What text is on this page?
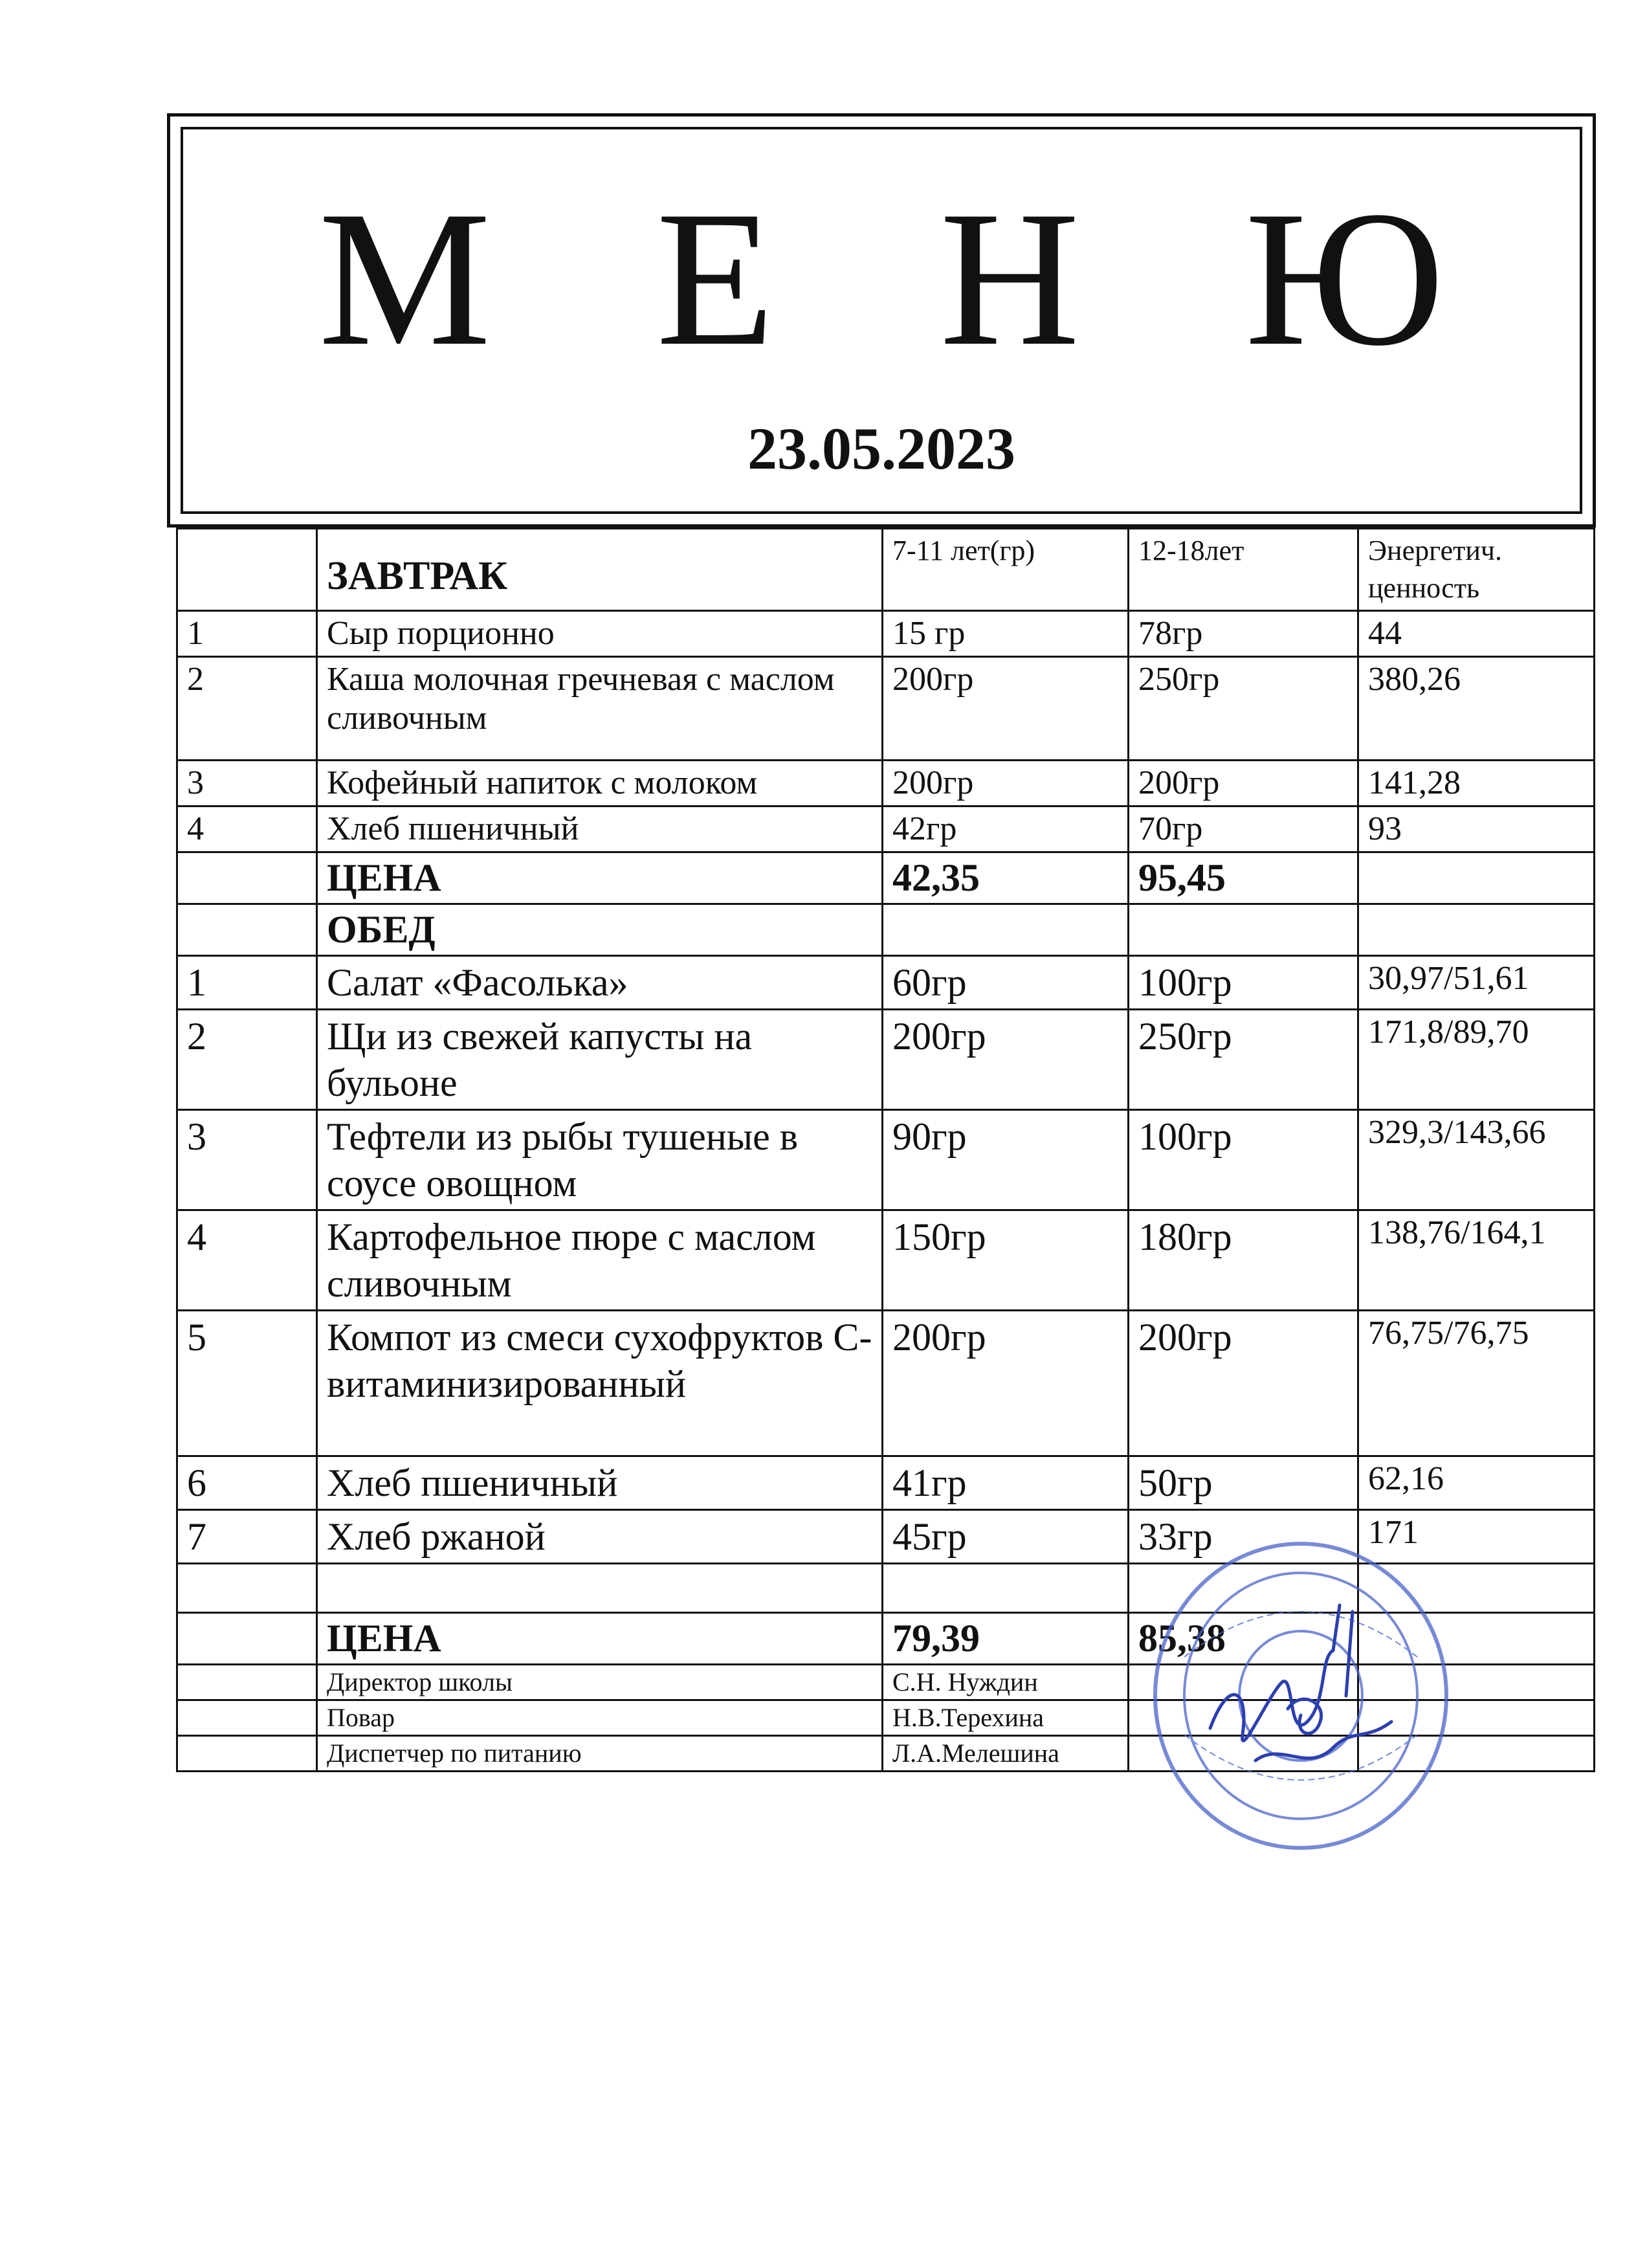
М Е Н Ю
23.05.2023
	ЗАВТРАК	7-11 лет(гр)	12-18лет	Энергетич. ценность
1	Сыр порционно	15 гр	78гр	44
2	Каша молочная гречневая с маслом сливочным	200гр	250гр	380,26
3	Кофейный напиток с молоком	200гр	200гр	141,28
4	Хлеб пшеничный	42гр	70гр	93
	ЦЕНА	42,35	95,45	
	ОБЕД			
1	Салат «Фасолька»	60гр	100гр	30,97/51,61
2	Щи из свежей капусты на бульоне	200гр	250гр	171,8/89,70
3	Тефтели из рыбы тушеные в соусе овощном	90гр	100гр	329,3/143,66
4	Картофельное пюре с маслом сливочным	150гр	180гр	138,76/164,1
5	Компот из смеси сухофруктов С-витаминизированный	200гр	200гр	76,75/76,75
6	Хлеб пшеничный	41гр	50гр	62,16
7	Хлеб ржаной	45гр	33гр	171

	ЦЕНА	79,39	85,38	
	Директор школы	С.Н. Нуждин		
	Повар	Н.В.Терехина		
	Диспетчер по питанию	Л.А.Мелешина		
